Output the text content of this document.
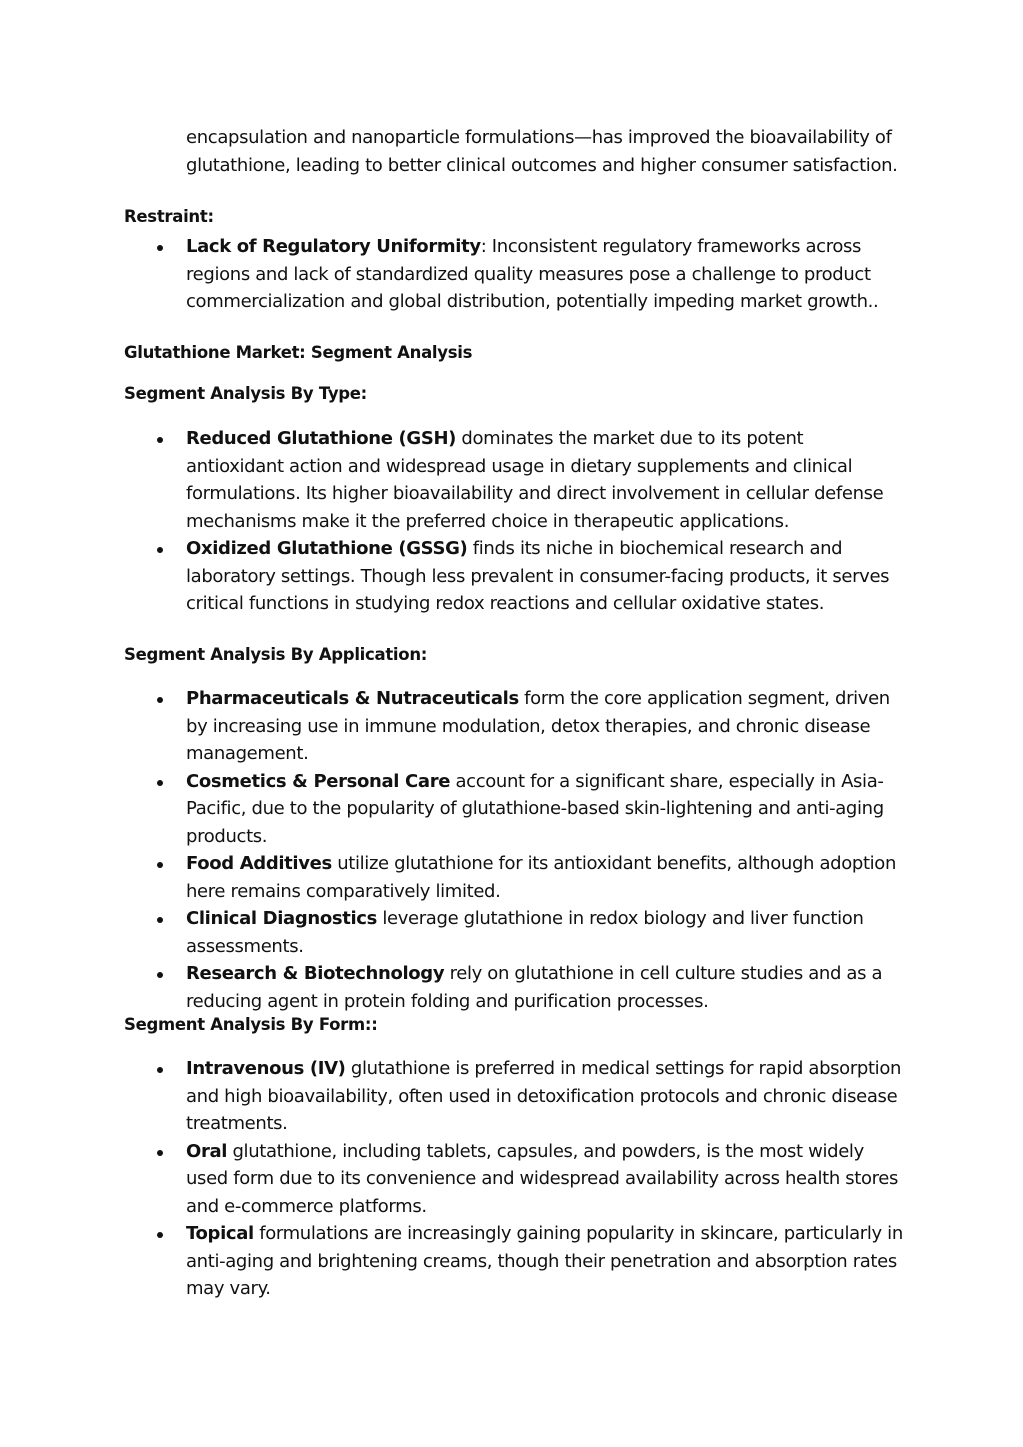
encapsulation and nanoparticle formulations—has improved the bioavailability of glutathione, leading to better clinical outcomes and higher consumer satisfaction.

Restraint:
Lack of Regulatory Uniformity: Inconsistent regulatory frameworks across regions and lack of standardized quality measures pose a challenge to product commercialization and global distribution, potentially impeding market growth..
Glutathione Market: Segment Analysis
Segment Analysis By Type:
Reduced Glutathione (GSH) dominates the market due to its potent antioxidant action and widespread usage in dietary supplements and clinical formulations. Its higher bioavailability and direct involvement in cellular defense mechanisms make it the preferred choice in therapeutic applications.
Oxidized Glutathione (GSSG) finds its niche in biochemical research and laboratory settings. Though less prevalent in consumer-facing products, it serves critical functions in studying redox reactions and cellular oxidative states.
Segment Analysis By Application:
Pharmaceuticals & Nutraceuticals form the core application segment, driven by increasing use in immune modulation, detox therapies, and chronic disease management.
Cosmetics & Personal Care account for a significant share, especially in Asia-Pacific, due to the popularity of glutathione-based skin-lightening and anti-aging products.
Food Additives utilize glutathione for its antioxidant benefits, although adoption here remains comparatively limited.
Clinical Diagnostics leverage glutathione in redox biology and liver function assessments.
Research & Biotechnology rely on glutathione in cell culture studies and as a reducing agent in protein folding and purification processes.
Segment Analysis By Form::
Intravenous (IV) glutathione is preferred in medical settings for rapid absorption and high bioavailability, often used in detoxification protocols and chronic disease treatments.
Oral glutathione, including tablets, capsules, and powders, is the most widely used form due to its convenience and widespread availability across health stores and e-commerce platforms.
Topical formulations are increasingly gaining popularity in skincare, particularly in anti-aging and brightening creams, though their penetration and absorption rates may vary.
